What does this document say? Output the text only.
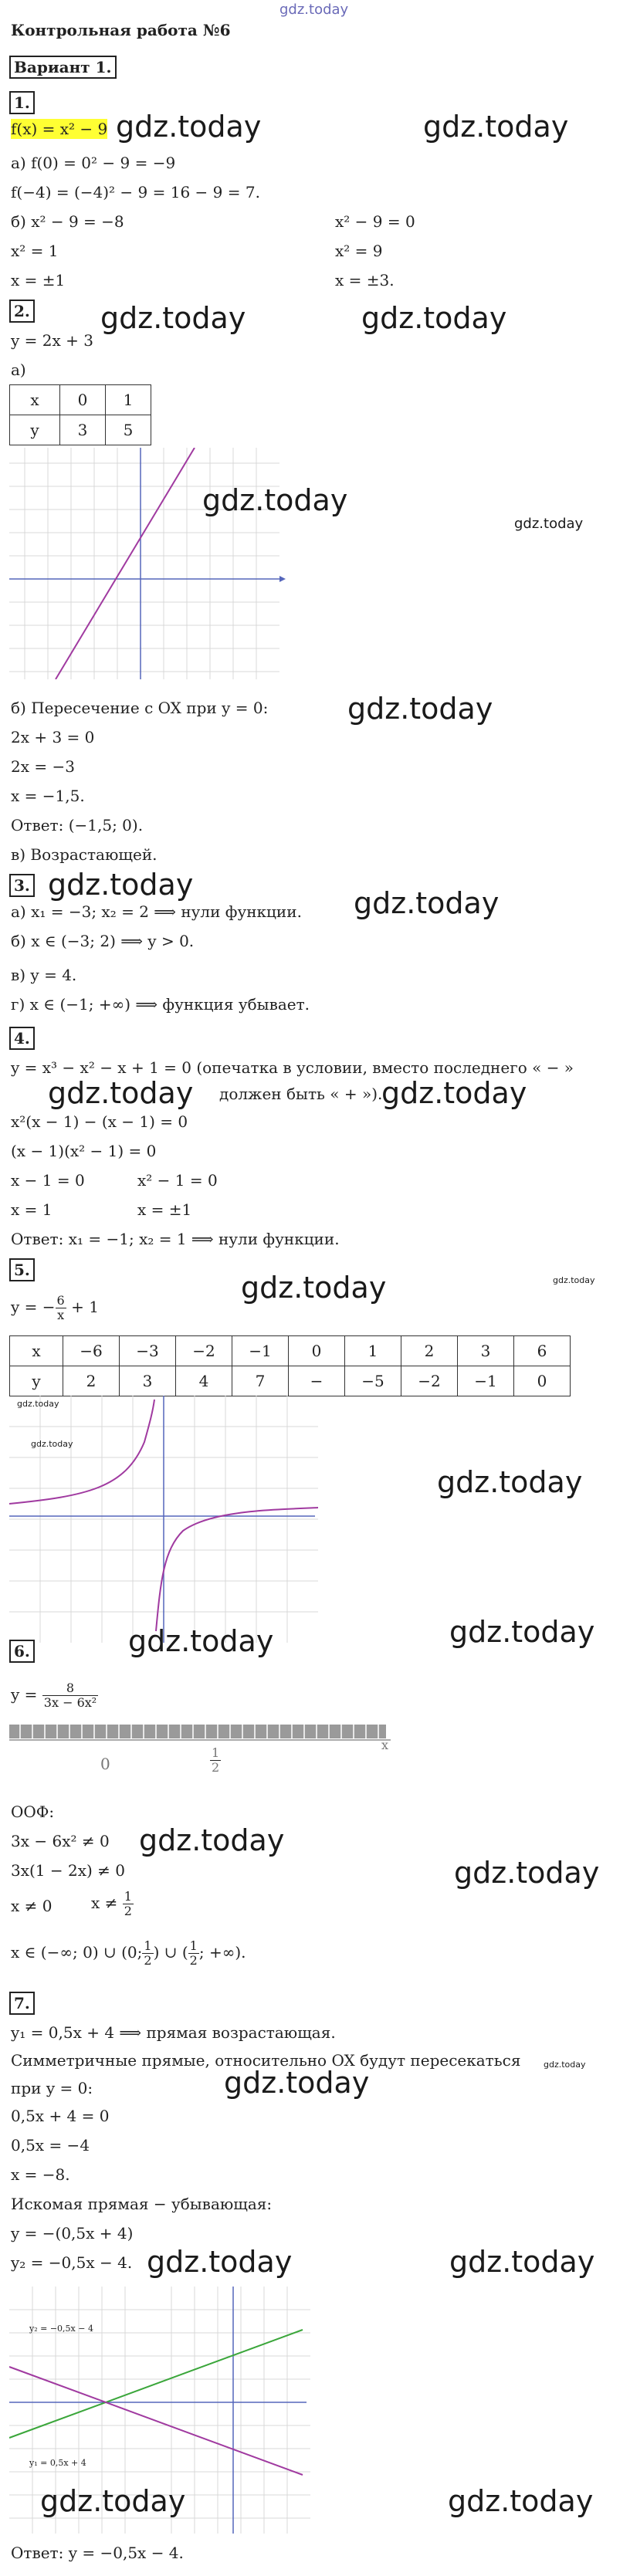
gdz.today
Контрольная работа №6
Вариант 1.
1.
f(x) = x² − 9 gdz.today	gdz.today
а) f(0) = 0² − 9 = −9
f(−4) = (−4)² − 9 = 16 − 9 = 7.
б) x² − 9 = −8	x² − 9 = 0
x² = 1	x² = 9
x = ±1	x = ±3.
2. gdz.today	gdz.today
y = 2x + 3
а)
x	0	1
y	3	5
gdz.today
gdz.today
б) Пересечение с OX при y = 0:	gdz.today
2x + 3 = 0
2x = −3
x = −1,5.
Ответ: (−1,5; 0).
в) Возрастающей.
3. gdz.today
gdz.today
а) x₁ = −3; x₂ = 2 ⟹ нули функции.
б) x ∈ (−3; 2) ⟹ y > 0.
в) y = 4.
г) x ∈ (−1; +∞) ⟹ функция убывает.
4.
y = x³ − x² − x + 1 = 0 (опечатка в условии, вместо последнего « − »
должен быть « + »).
gdz.today	gdz.today
x²(x − 1) − (x − 1) = 0
(x − 1)(x² − 1) = 0
x − 1 = 0	x² − 1 = 0
x = 1	x = ±1
Ответ: x₁ = −1; x₂ = 1 ⟹ нули функции.
5.
gdz.today
y = − $\frac{6}{x} + 1$
gdz.today
x	−6	−3	−2	−1	0	1	2	3	6
y	2	3	4	7	−	−5	−2	−1	0
gdz.today
gdz.today
gdz.today
gdz.today
6.
$y = \frac{8}{\text{3x − 6x²}}$
gdz.today
x
0	$\frac{1}{2}$
ООФ:
3x − 6x² ≠ 0 gdz.today
gdz.today
3x(1 − 2x) ≠ 0
x ≠ 0	$x \ne \frac{1}{2}$
x ∈ (−∞; 0) ∪ (0; $\frac{1}{2}$ ) ∪ ( $\frac{1}{2}$ ; +∞).
7.
y₁ = 0,5x + 4 ⟹ прямая возрастающая.
Симметричные прямые, относительно OX будут пересекаться	gdz.today
gdz.today
при y = 0:
0,5x + 4 = 0
0,5x = −4
x = −8.
Искомая прямая − убывающая:
y = −(0,5x + 4)
y₂ = −0,5x − 4. gdz.today	gdz.today
y₂ = −0,5x − 4
y₁ = 0,5x + 4
gdz.today	gdz.today
Ответ: y = −0,5x − 4.
